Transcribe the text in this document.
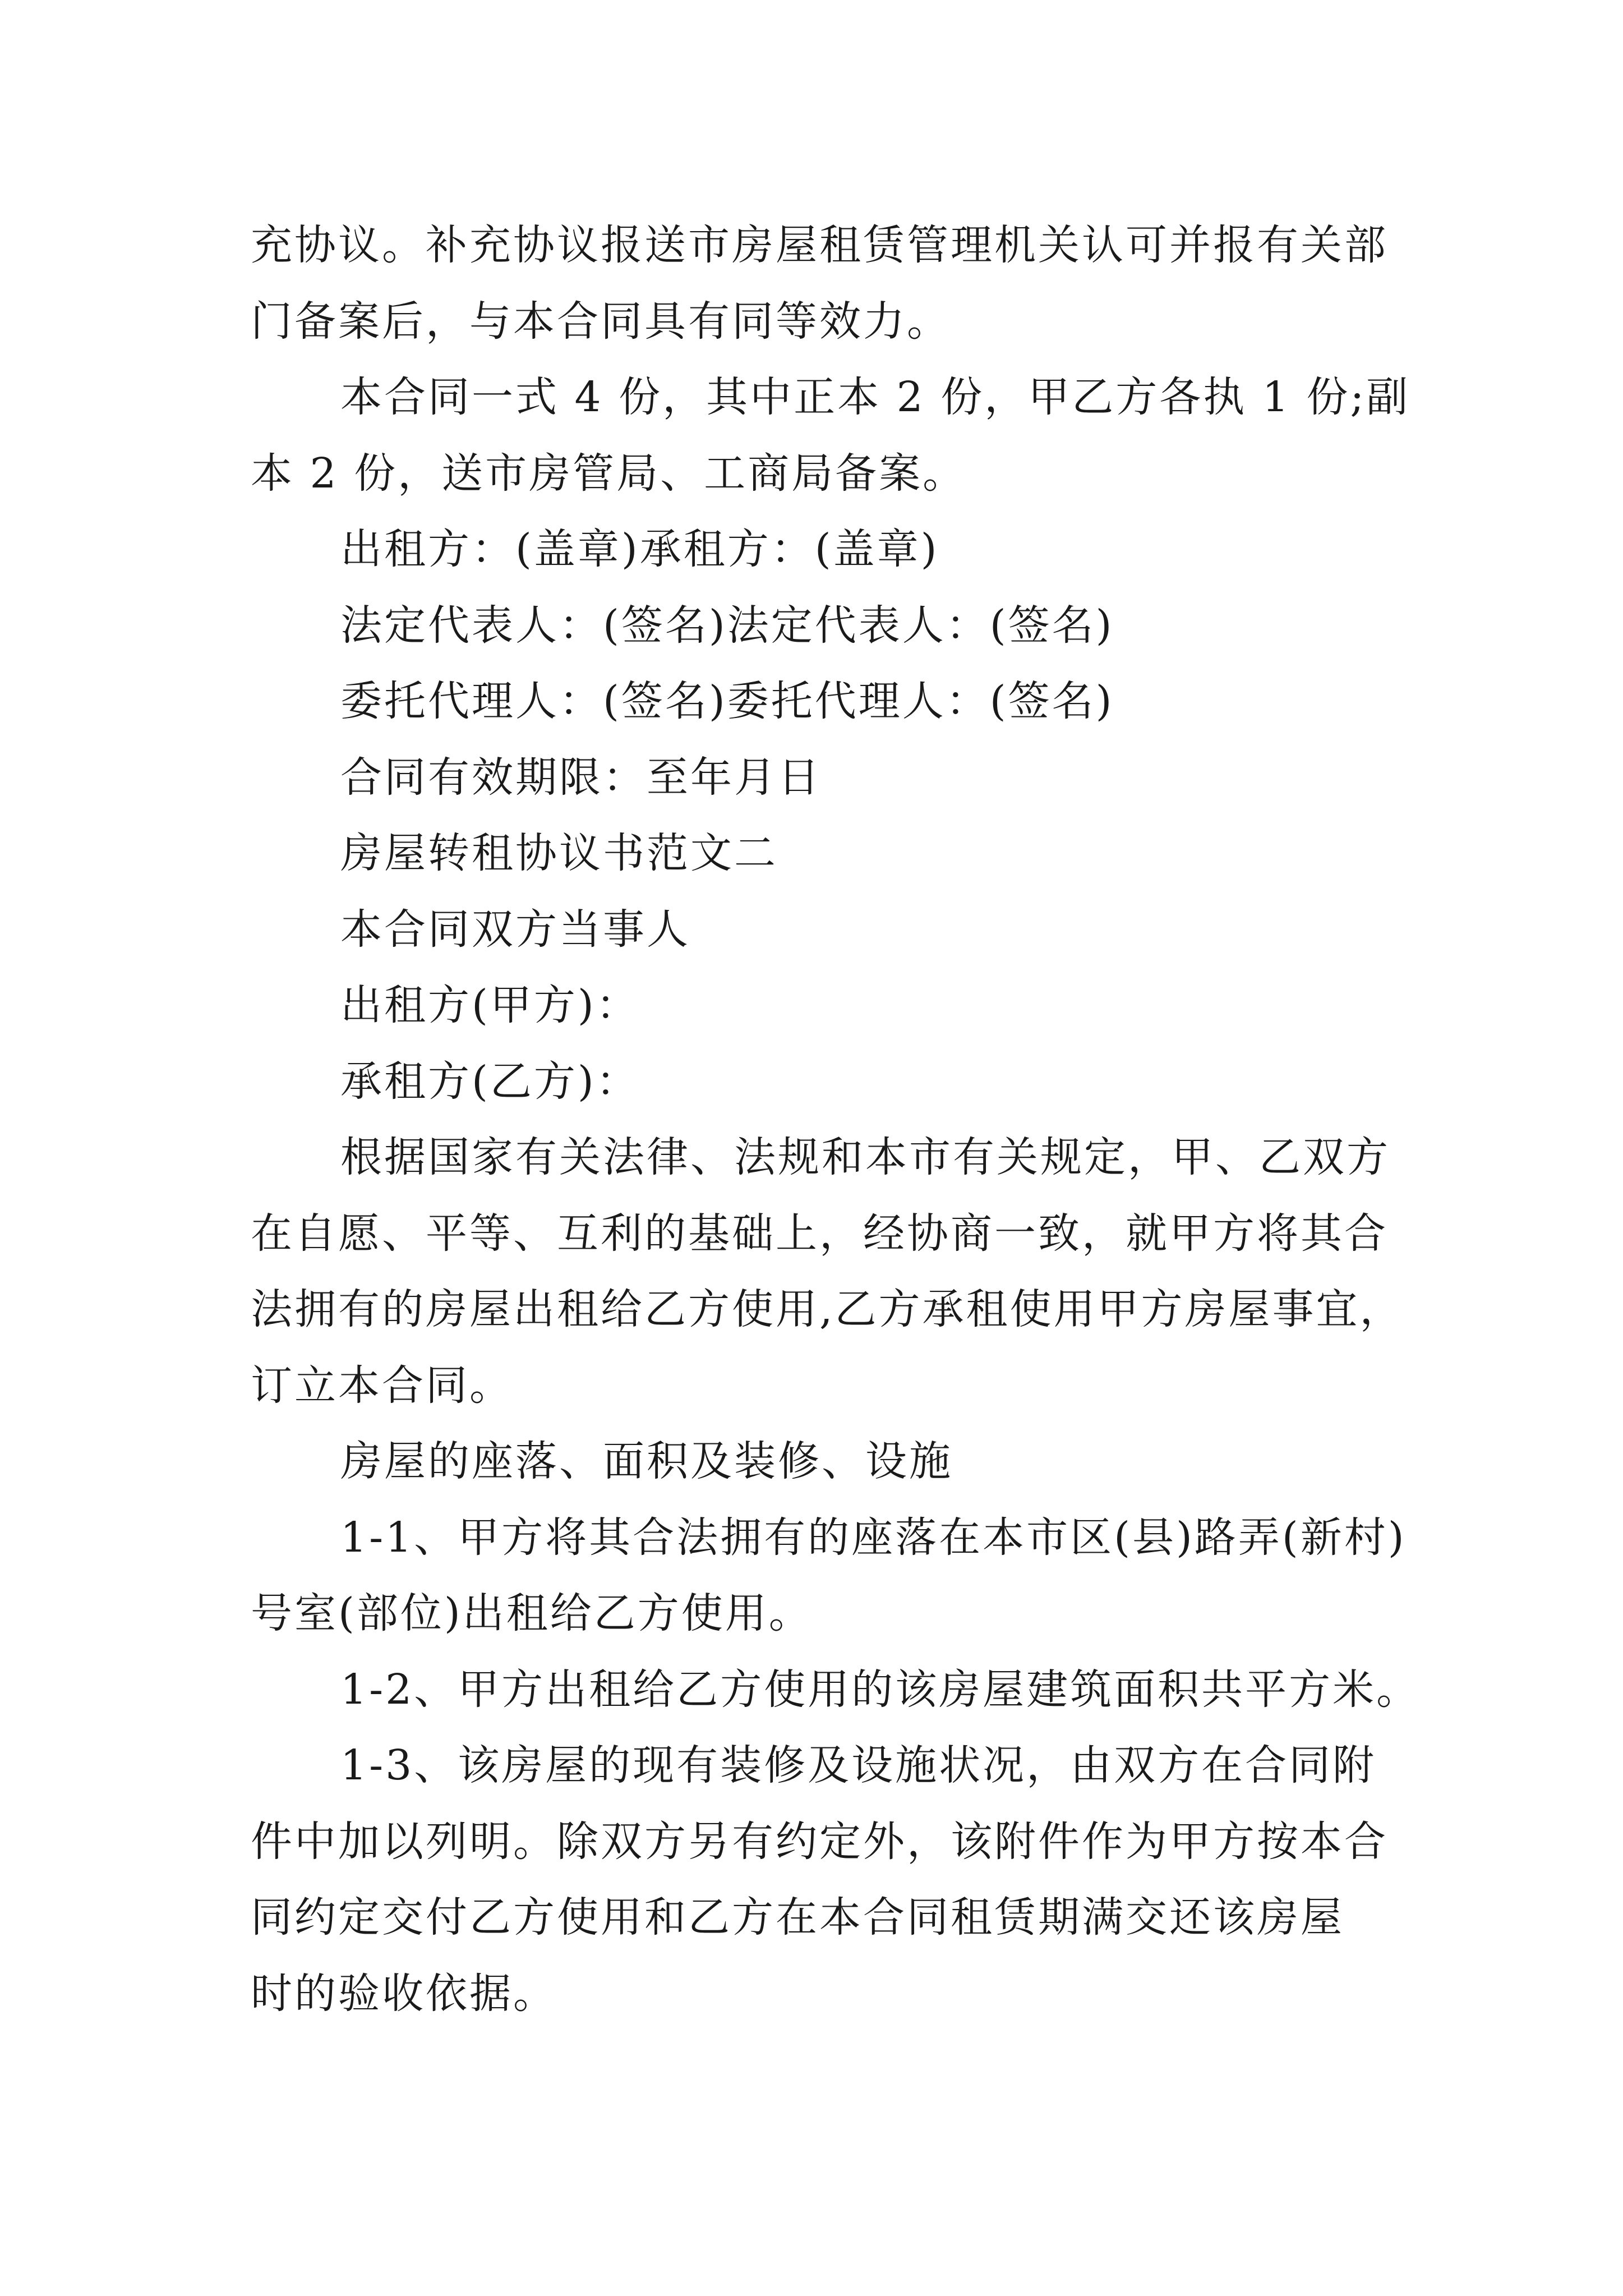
充协议。补充协议报送市房屋租赁管理机关认可并报有关部
门备案后，与本合同具有同等效力。

本合同一式 4 份，其中正本 2 份，甲乙方各执 1 份;副
本 2 份，送市房管局、工商局备案。

出租方：(盖章)承租方：(盖章)

法定代表人：(签名)法定代表人：(签名)

委托代理人：(签名)委托代理人：(签名)

合同有效期限：至年月日

房屋转租协议书范文二

本合同双方当事人

出租方(甲方)：

承租方(乙方)：

根据国家有关法律、法规和本市有关规定，甲、乙双方
在自愿、平等、互利的基础上，经协商一致，就甲方将其合
法拥有的房屋出租给乙方使用,乙方承租使用甲方房屋事宜，
订立本合同。

房屋的座落、面积及装修、设施

1-1、甲方将其合法拥有的座落在本市区(县)路弄(新村)
号室(部位)出租给乙方使用。

1-2、甲方出租给乙方使用的该房屋建筑面积共平方米。

1-3、该房屋的现有装修及设施状况，由双方在合同附
件中加以列明。除双方另有约定外，该附件作为甲方按本合
同约定交付乙方使用和乙方在本合同租赁期满交还该房屋
时的验收依据。
